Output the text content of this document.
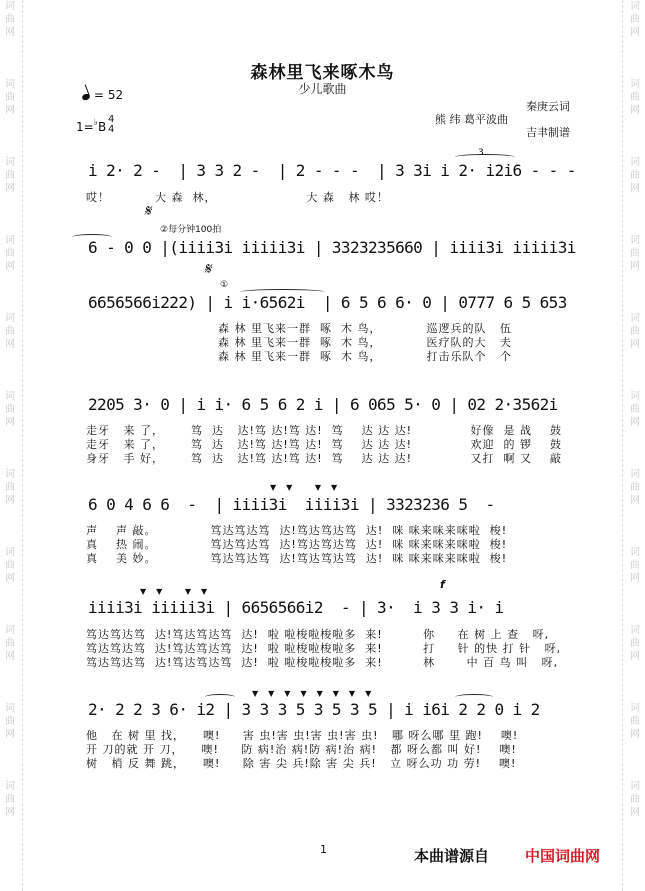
词
曲
网

词
曲
网

词
曲
网

词
曲
网

词
曲
网

词
曲
网

词
曲
网

词
曲
网

词
曲
网

词
曲
网

词
曲
网
词
曲
网

词
曲
网

词
曲
网

词
曲
网

词
曲
网

词
曲
网

词
曲
网

词
曲
网

词
曲
网

词
曲
网

词
曲
网
森林里飞来啄木鸟
少儿歌曲
= 52
1=♭B
4
4
秦庚云词
吉聿制谱
熊 纬 葛平波曲
3
i 2· 2 -  | 3 3 2 -  | 2 - - -  | 3 3i i 2· i2i6 - - -
哎！          大 森  林，                    大 森   林 哎！
𝄋
②每分钟100拍
6 - 0 0 |(iiii3i iiiii3i | 3323235660 | iiii3i iiiii3i
𝄋
①
6656566i222) | i i·6562i  | 6 5 6 6· 0 | 0777 6 5 653
森 林 里飞来一群  啄  木 鸟，          巡逻兵的队   伍
森 林 里飞来一群  啄  木 鸟，          医疗队的大   夫
森 林 里飞来一群  啄  木 鸟，          打击乐队个   个
2205 3· 0 | i i· 6 5 6 2 i | 6 065 5· 0 | 02 2·3562i
走牙   来 了，      笃  达   达!笃 达!笃 达!  笃    达 达 达!             好像  是 战    鼓
走牙   来 了，      笃  达   达!笃 达!笃 达!  笃    达 达 达!             欢迎  的 锣    鼓
身牙   手 好，      笃  达   达!笃 达!笃 达!  笃    达 达 达!             又打  啊 又    敲
▼▼ ▼▼
6 0 4 6 6  -  | iiii3i  iiii3i | 3323236 5  -
声    声 敲。            笃达笃达笃  达!笃达笃达笃  达!  咪 咪来咪来咪啦  梭!
真    热 闹。            笃达笃达笃  达!笃达笃达笃  达!  咪 咪来咪来咪啦  梭!
真    美 妙。            笃达笃达笃  达!笃达笃达笃  达!  咪 咪来咪来咪啦  梭!
f
▼▼ ▼▼
iiii3i iiiii3i | 6656566i2  - | 3·  i 3 3 i· i
笃达笃达笃  达!笃达笃达笃  达!  啦 啦梭啦梭啦多  来!         你     在 树 上 查   呀,
笃达笃达笃  达!笃达笃达笃  达!  啦 啦梭啦梭啦多  来!         打     针 的快 打 针   呀,
笃达笃达笃  达!笃达笃达笃  达!  啦 啦梭啦梭啦多  来!         林       中 百 鸟 叫   呀,
▼▼▼▼▼▼▼▼
2· 2 2 3 6· i2 | 3 3 3 5 3 5 3 5 | i i6i 2 2 0 i 2
他   在 树 里 找，    噢!     害 虫!害 虫!害 虫!害 虫!   哪 呀么哪 里 跑!    噢!
开 刀的就 开 刀，    噢!     防 病!治 病!防 病!治 病!   都 呀么都 叫 好!    噢!
树   梢 反 舞 跳，    噢!     除 害 尖 兵!除 害 尖 兵!   立 呀么功 功 劳!    噢!
1	本曲谱源自 中国词曲网
